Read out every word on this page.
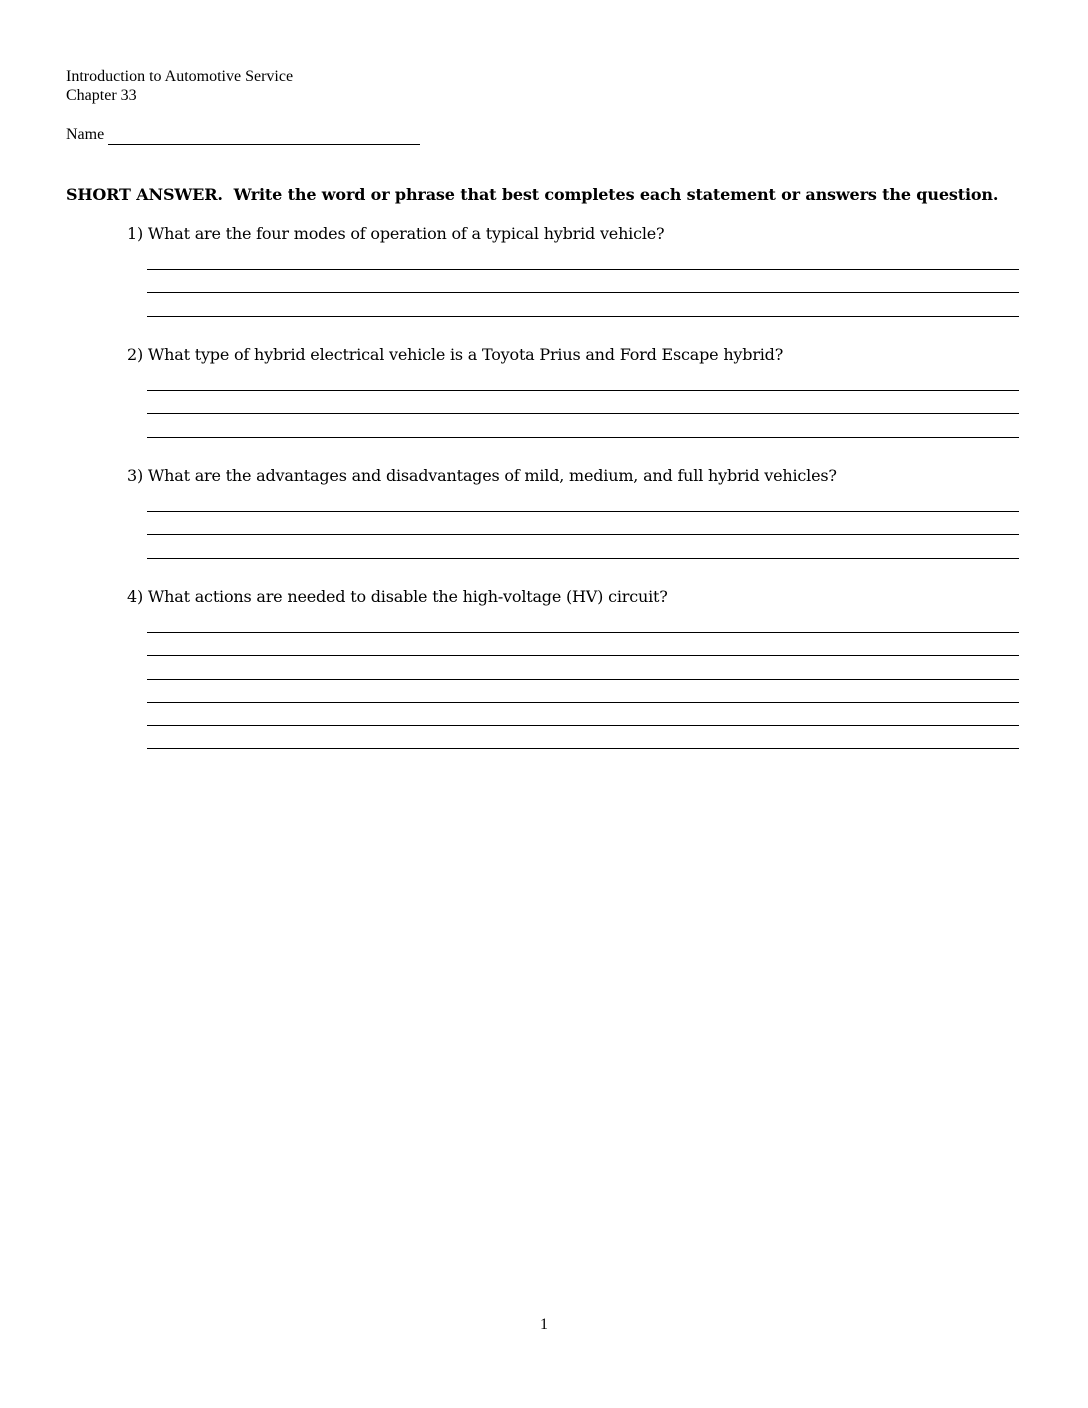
Introduction to Automotive Service
Chapter 33
Name
SHORT ANSWER. Write the word or phrase that best completes each statement or answers the question.
1) What are the four modes of operation of a typical hybrid vehicle?
2) What type of hybrid electrical vehicle is a Toyota Prius and Ford Escape hybrid?
3) What are the advantages and disadvantages of mild, medium, and full hybrid vehicles?
4) What actions are needed to disable the high-voltage (HV) circuit?
1
